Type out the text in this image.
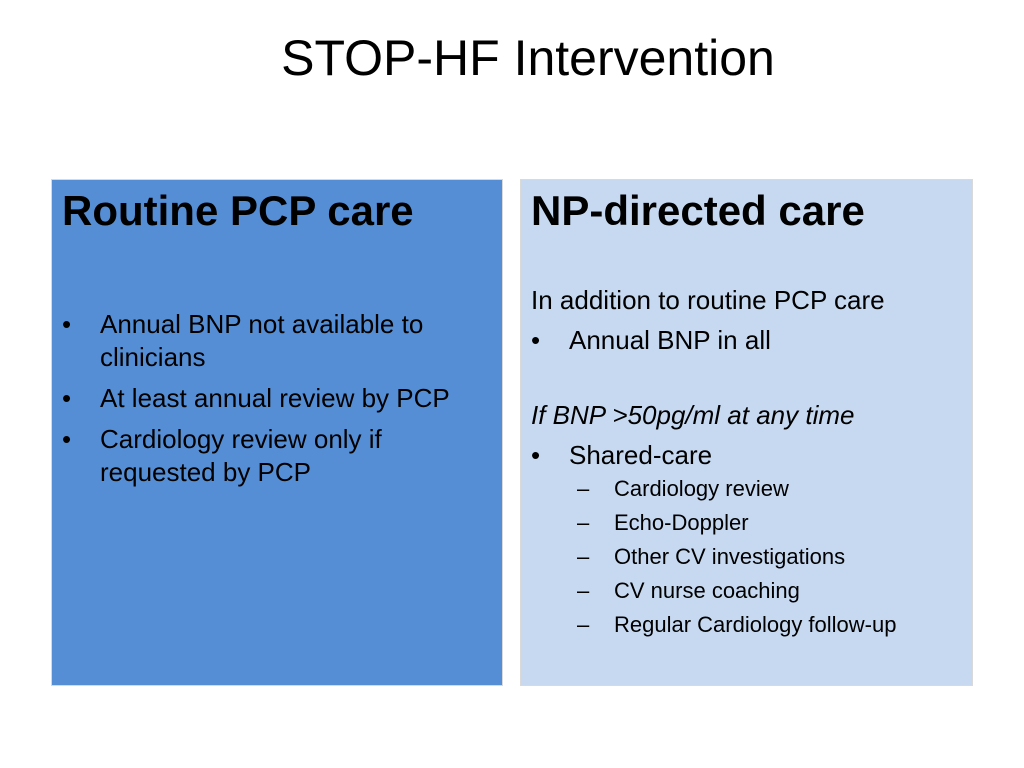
STOP-HF Intervention
Routine PCP care
• Annual BNP not available to clinicians
• At least annual review by PCP
• Cardiology review only if requested by PCP
NP-directed care

In addition to routine PCP care

• Annual BNP in all

If BNP >50pg/ml at any time

• Shared-care
– Cardiology review
– Echo-Doppler
– Other CV investigations
– CV nurse coaching
– Regular Cardiology follow-up
